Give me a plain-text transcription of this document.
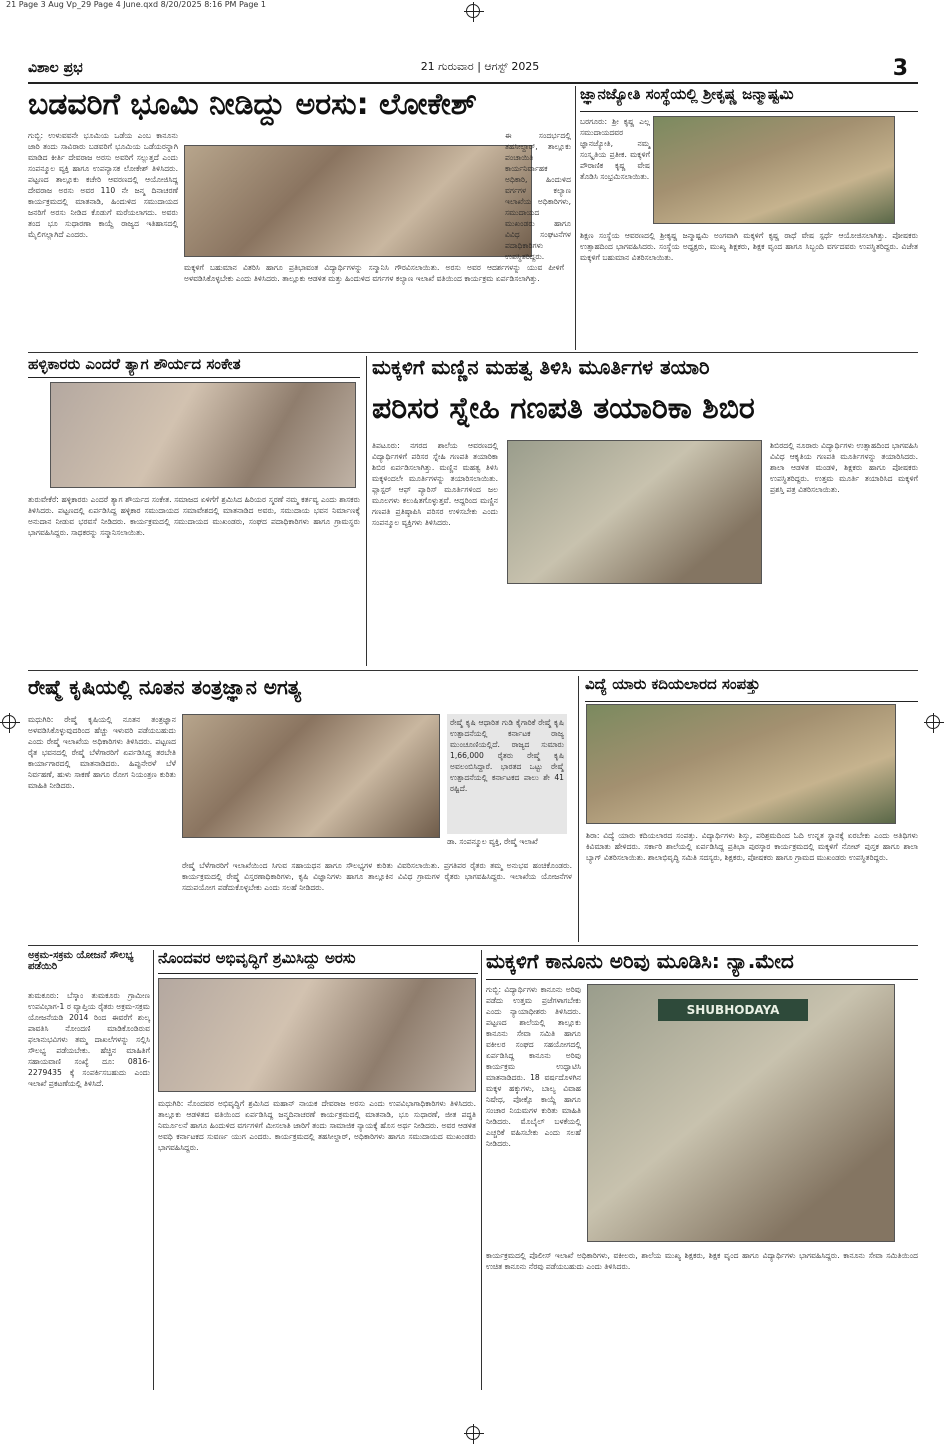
21 Page 3 Aug Vp_29 Page 4 June.qxd 8/20/2025 8:16 PM Page 1
ವಿಶಾಲ ಪ್ರಭ	21 ಗುರುವಾರ | ಆಗಸ್ಟ್ 2025	3
ಬಡವರಿಗೆ ಭೂಮಿ ನೀಡಿದ್ದು ಅರಸು: ಲೋಕೇಶ್
ಗುಬ್ಬಿ: ಉಳುವವನೇ ಭೂಮಿಯ ಒಡೆಯ ಎಂಬ ಕಾನೂನು ಜಾರಿ ತಂದು ಸಾವಿರಾರು ಬಡವರಿಗೆ ಭೂಮಿಯ ಒಡೆಯರನ್ನಾಗಿ ಮಾಡಿದ ಕೀರ್ತಿ ದೇವರಾಜ ಅರಸು ಅವರಿಗೆ ಸಲ್ಲುತ್ತದೆ ಎಂದು ಸಂಪನ್ಮೂಲ ವ್ಯಕ್ತಿ ಹಾಗೂ ಉಪನ್ಯಾಸಕ ಲೋಕೇಶ್ ತಿಳಿಸಿದರು. ಪಟ್ಟಣದ ತಾಲ್ಲೂಕು ಕಚೇರಿ ಆವರಣದಲ್ಲಿ ಆಯೋಜಿಸಿದ್ದ ದೇವರಾಜ ಅರಸು ಅವರ 110 ನೇ ಜನ್ಮ ದಿನಾಚರಣೆ ಕಾರ್ಯಕ್ರಮದಲ್ಲಿ ಮಾತನಾಡಿ, ಹಿಂದುಳಿದ ಸಮುದಾಯದ ಜನರಿಗೆ ಅರಸು ನೀಡಿದ ಕೊಡುಗೆ ಮರೆಯಲಾಗದು. ಅವರು ತಂದ ಭೂ ಸುಧಾರಣಾ ಕಾಯ್ದೆ ರಾಜ್ಯದ ಇತಿಹಾಸದಲ್ಲಿ ಮೈಲಿಗಲ್ಲಾಗಿದೆ ಎಂದರು.
ಮಕ್ಕಳಿಗೆ ಬಹುಮಾನ ವಿತರಿಸಿ ಹಾಗೂ ಪ್ರತಿಭಾವಂತ ವಿದ್ಯಾರ್ಥಿಗಳನ್ನು ಸನ್ಮಾನಿಸಿ ಗೌರವಿಸಲಾಯಿತು. ಅರಸು ಅವರ ಆದರ್ಶಗಳನ್ನು ಯುವ ಪೀಳಿಗೆ ಅಳವಡಿಸಿಕೊಳ್ಳಬೇಕು ಎಂದು ತಿಳಿಸಿದರು. ತಾಲ್ಲೂಕು ಆಡಳಿತ ಮತ್ತು ಹಿಂದುಳಿದ ವರ್ಗಗಳ ಕಲ್ಯಾಣ ಇಲಾಖೆ ವತಿಯಿಂದ ಕಾರ್ಯಕ್ರಮ ಏರ್ಪಡಿಸಲಾಗಿತ್ತು.
ಈ ಸಂದರ್ಭದಲ್ಲಿ ತಹಸೀಲ್ದಾರ್, ತಾಲ್ಲೂಕು ಪಂಚಾಯಿತಿ ಕಾರ್ಯನಿರ್ವಾಹಕ ಅಧಿಕಾರಿ, ಹಿಂದುಳಿದ ವರ್ಗಗಳ ಕಲ್ಯಾಣ ಇಲಾಖೆಯ ಅಧಿಕಾರಿಗಳು, ಸಮುದಾಯದ ಮುಖಂಡರು ಹಾಗೂ ವಿವಿಧ ಸಂಘಟನೆಗಳ ಪದಾಧಿಕಾರಿಗಳು ಉಪಸ್ಥಿತರಿದ್ದರು.
ಜ್ಞಾನಜ್ಯೋತಿ ಸಂಸ್ಥೆಯಲ್ಲಿ ಶ್ರೀಕೃಷ್ಣ ಜನ್ಮಾಷ್ಟಮಿ
ಬರಗೂರು: ಶ್ರೀ ಕೃಷ್ಣ ಎಲ್ಲ ಸಮುದಾಯದವರ ಜ್ಞಾನಜ್ಯೋತಿ, ನಮ್ಮ ಸಂಸ್ಕೃತಿಯ ಪ್ರತೀಕ. ಮಕ್ಕಳಿಗೆ ಪೌರಾಣಿಕ ಕೃಷ್ಣ ವೇಷ ತೊಡಿಸಿ ಸಂಭ್ರಮಿಸಲಾಯಿತು.
ಶಿಕ್ಷಣ ಸಂಸ್ಥೆಯ ಆವರಣದಲ್ಲಿ ಶ್ರೀಕೃಷ್ಣ ಜನ್ಮಾಷ್ಟಮಿ ಅಂಗವಾಗಿ ಮಕ್ಕಳಿಗೆ ಕೃಷ್ಣ ರಾಧೆ ವೇಷ ಸ್ಪರ್ಧೆ ಆಯೋಜಿಸಲಾಗಿತ್ತು. ಪೋಷಕರು ಉತ್ಸಾಹದಿಂದ ಭಾಗವಹಿಸಿದರು. ಸಂಸ್ಥೆಯ ಅಧ್ಯಕ್ಷರು, ಮುಖ್ಯ ಶಿಕ್ಷಕರು, ಶಿಕ್ಷಕ ವೃಂದ ಹಾಗೂ ಸಿಬ್ಬಂದಿ ವರ್ಗದವರು ಉಪಸ್ಥಿತರಿದ್ದರು. ವಿಜೇತ ಮಕ್ಕಳಿಗೆ ಬಹುಮಾನ ವಿತರಿಸಲಾಯಿತು.
ಹಳ್ಳಿಕಾರರು ಎಂದರೆ ತ್ಯಾಗ ಶೌರ್ಯದ ಸಂಕೇತ
ತುರುವೇಕೆರೆ: ಹಳ್ಳಿಕಾರರು ಎಂದರೆ ತ್ಯಾಗ ಶೌರ್ಯದ ಸಂಕೇತ. ಸಮಾಜದ ಏಳಿಗೆಗೆ ಶ್ರಮಿಸಿದ ಹಿರಿಯರ ಸ್ಮರಣೆ ನಮ್ಮ ಕರ್ತವ್ಯ ಎಂದು ಶಾಸಕರು ತಿಳಿಸಿದರು. ಪಟ್ಟಣದಲ್ಲಿ ಏರ್ಪಡಿಸಿದ್ದ ಹಳ್ಳಿಕಾರ ಸಮುದಾಯದ ಸಮಾವೇಶದಲ್ಲಿ ಮಾತನಾಡಿದ ಅವರು, ಸಮುದಾಯ ಭವನ ನಿರ್ಮಾಣಕ್ಕೆ ಅನುದಾನ ನೀಡುವ ಭರವಸೆ ನೀಡಿದರು. ಕಾರ್ಯಕ್ರಮದಲ್ಲಿ ಸಮುದಾಯದ ಮುಖಂಡರು, ಸಂಘದ ಪದಾಧಿಕಾರಿಗಳು ಹಾಗೂ ಗ್ರಾಮಸ್ಥರು ಭಾಗವಹಿಸಿದ್ದರು. ಸಾಧಕರನ್ನು ಸನ್ಮಾನಿಸಲಾಯಿತು.
ಮಕ್ಕಳಿಗೆ ಮಣ್ಣಿನ ಮಹತ್ವ ತಿಳಿಸಿ ಮೂರ್ತಿಗಳ ತಯಾರಿ
ಪರಿಸರ ಸ್ನೇಹಿ ಗಣಪತಿ ತಯಾರಿಕಾ ಶಿಬಿರ
ತಿಪಟೂರು: ನಗರದ ಶಾಲೆಯ ಆವರಣದಲ್ಲಿ ವಿದ್ಯಾರ್ಥಿಗಳಿಗೆ ಪರಿಸರ ಸ್ನೇಹಿ ಗಣಪತಿ ತಯಾರಿಕಾ ಶಿಬಿರ ಏರ್ಪಡಿಸಲಾಗಿತ್ತು. ಮಣ್ಣಿನ ಮಹತ್ವ ತಿಳಿಸಿ ಮಕ್ಕಳಿಂದಲೇ ಮೂರ್ತಿಗಳನ್ನು ತಯಾರಿಸಲಾಯಿತು. ಪ್ಲಾಸ್ಟರ್ ಆಫ್ ಪ್ಯಾರಿಸ್ ಮೂರ್ತಿಗಳಿಂದ ಜಲ ಮೂಲಗಳು ಕಲುಷಿತಗೊಳ್ಳುತ್ತವೆ. ಆದ್ದರಿಂದ ಮಣ್ಣಿನ ಗಣಪತಿ ಪ್ರತಿಷ್ಠಾಪಿಸಿ ಪರಿಸರ ಉಳಿಸಬೇಕು ಎಂದು ಸಂಪನ್ಮೂಲ ವ್ಯಕ್ತಿಗಳು ತಿಳಿಸಿದರು.
ಶಿಬಿರದಲ್ಲಿ ನೂರಾರು ವಿದ್ಯಾರ್ಥಿಗಳು ಉತ್ಸಾಹದಿಂದ ಭಾಗವಹಿಸಿ ವಿವಿಧ ಆಕೃತಿಯ ಗಣಪತಿ ಮೂರ್ತಿಗಳನ್ನು ತಯಾರಿಸಿದರು. ಶಾಲಾ ಆಡಳಿತ ಮಂಡಳಿ, ಶಿಕ್ಷಕರು ಹಾಗೂ ಪೋಷಕರು ಉಪಸ್ಥಿತರಿದ್ದರು. ಉತ್ತಮ ಮೂರ್ತಿ ತಯಾರಿಸಿದ ಮಕ್ಕಳಿಗೆ ಪ್ರಶಸ್ತಿ ಪತ್ರ ವಿತರಿಸಲಾಯಿತು.
ರೇಷ್ಮೆ ಕೃಷಿಯಲ್ಲಿ ನೂತನ ತಂತ್ರಜ್ಞಾನ ಅಗತ್ಯ
ಮಧುಗಿರಿ: ರೇಷ್ಮೆ ಕೃಷಿಯಲ್ಲಿ ನೂತನ ತಂತ್ರಜ್ಞಾನ ಅಳವಡಿಸಿಕೊಳ್ಳುವುದರಿಂದ ಹೆಚ್ಚು ಇಳುವರಿ ಪಡೆಯಬಹುದು ಎಂದು ರೇಷ್ಮೆ ಇಲಾಖೆಯ ಅಧಿಕಾರಿಗಳು ತಿಳಿಸಿದರು. ಪಟ್ಟಣದ ರೈತ ಭವನದಲ್ಲಿ ರೇಷ್ಮೆ ಬೆಳೆಗಾರರಿಗೆ ಏರ್ಪಡಿಸಿದ್ದ ತರಬೇತಿ ಕಾರ್ಯಾಗಾರದಲ್ಲಿ ಮಾತನಾಡಿದರು. ಹಿಪ್ಪುನೇರಳೆ ಬೆಳೆ ನಿರ್ವಹಣೆ, ಹುಳು ಸಾಕಣೆ ಹಾಗೂ ರೋಗ ನಿಯಂತ್ರಣ ಕುರಿತು ಮಾಹಿತಿ ನೀಡಿದರು.
ರೇಷ್ಮೆ ಕೃಷಿ ಆಧಾರಿತ ಗುಡಿ ಕೈಗಾರಿಕೆ ರೇಷ್ಮೆ ಕೃಷಿ ಉತ್ಪಾದನೆಯಲ್ಲಿ ಕರ್ನಾಟಕ ರಾಜ್ಯ ಮುಂಚೂಣಿಯಲ್ಲಿದೆ. ರಾಜ್ಯದ ಸುಮಾರು 1,66,000 ರೈತರು ರೇಷ್ಮೆ ಕೃಷಿ ಅವಲಂಬಿಸಿದ್ದಾರೆ. ಭಾರತದ ಒಟ್ಟು ರೇಷ್ಮೆ ಉತ್ಪಾದನೆಯಲ್ಲಿ ಕರ್ನಾಟಕದ ಪಾಲು ಶೇ 41 ರಷ್ಟಿದೆ.
ಡಾ. ಸಂಪನ್ಮೂಲ ವ್ಯಕ್ತಿ, ರೇಷ್ಮೆ ಇಲಾಖೆ
ರೇಷ್ಮೆ ಬೆಳೆಗಾರರಿಗೆ ಇಲಾಖೆಯಿಂದ ಸಿಗುವ ಸಹಾಯಧನ ಹಾಗೂ ಸೌಲಭ್ಯಗಳ ಕುರಿತು ವಿವರಿಸಲಾಯಿತು. ಪ್ರಗತಿಪರ ರೈತರು ತಮ್ಮ ಅನುಭವ ಹಂಚಿಕೊಂಡರು. ಕಾರ್ಯಕ್ರಮದಲ್ಲಿ ರೇಷ್ಮೆ ವಿಸ್ತರಣಾಧಿಕಾರಿಗಳು, ಕೃಷಿ ವಿಜ್ಞಾನಿಗಳು ಹಾಗೂ ತಾಲ್ಲೂಕಿನ ವಿವಿಧ ಗ್ರಾಮಗಳ ರೈತರು ಭಾಗವಹಿಸಿದ್ದರು. ಇಲಾಖೆಯ ಯೋಜನೆಗಳ ಸದುಪಯೋಗ ಪಡೆದುಕೊಳ್ಳಬೇಕು ಎಂದು ಸಲಹೆ ನೀಡಿದರು.
ವಿದ್ಯೆ ಯಾರು ಕದಿಯಲಾರದ ಸಂಪತ್ತು
ಶಿರಾ: ವಿದ್ಯೆ ಯಾರು ಕದಿಯಲಾರದ ಸಂಪತ್ತು. ವಿದ್ಯಾರ್ಥಿಗಳು ಶಿಸ್ತು, ಪರಿಶ್ರಮದಿಂದ ಓದಿ ಉನ್ನತ ಸ್ಥಾನಕ್ಕೆ ಏರಬೇಕು ಎಂದು ಅತಿಥಿಗಳು ಕಿವಿಮಾತು ಹೇಳಿದರು. ಸರ್ಕಾರಿ ಶಾಲೆಯಲ್ಲಿ ಏರ್ಪಡಿಸಿದ್ದ ಪ್ರತಿಭಾ ಪುರಸ್ಕಾರ ಕಾರ್ಯಕ್ರಮದಲ್ಲಿ ಮಕ್ಕಳಿಗೆ ನೋಟ್ ಪುಸ್ತಕ ಹಾಗೂ ಶಾಲಾ ಬ್ಯಾಗ್ ವಿತರಿಸಲಾಯಿತು. ಶಾಲಾಭಿವೃದ್ಧಿ ಸಮಿತಿ ಸದಸ್ಯರು, ಶಿಕ್ಷಕರು, ಪೋಷಕರು ಹಾಗೂ ಗ್ರಾಮದ ಮುಖಂಡರು ಉಪಸ್ಥಿತರಿದ್ದರು.
ಅಕ್ರಮ-ಸಕ್ರಮ ಯೋಜನೆ ಸೌಲಭ್ಯ ಪಡೆಯಿರಿ
ತುಮಕೂರು: ಬೆಸ್ಕಾಂ ತುಮಕೂರು ಗ್ರಾಮೀಣ ಉಪವಿಭಾಗ-1 ರ ವ್ಯಾಪ್ತಿಯ ರೈತರು ಅಕ್ರಮ-ಸಕ್ರಮ ಯೋಜನೆಯಡಿ 2014 ರಿಂದ ಈವರೆಗೆ ಶುಲ್ಕ ಪಾವತಿಸಿ ನೋಂದಣಿ ಮಾಡಿಕೊಂಡಿರುವ ಫಲಾನುಭವಿಗಳು ತಮ್ಮ ದಾಖಲೆಗಳನ್ನು ಸಲ್ಲಿಸಿ ಸೌಲಭ್ಯ ಪಡೆಯಬೇಕು. ಹೆಚ್ಚಿನ ಮಾಹಿತಿಗೆ ಸಹಾಯವಾಣಿ ಸಂಖ್ಯೆ ದೂ: 0816-2279435 ಕ್ಕೆ ಸಂಪರ್ಕಿಸಬಹುದು ಎಂದು ಇಲಾಖೆ ಪ್ರಕಟಣೆಯಲ್ಲಿ ತಿಳಿಸಿದೆ.
ನೊಂದವರ ಅಭಿವೃದ್ಧಿಗೆ ಶ್ರಮಿಸಿದ್ದು ಅರಸು
ಮಧುಗಿರಿ: ನೊಂದವರ ಅಭಿವೃದ್ಧಿಗೆ ಶ್ರಮಿಸಿದ ಮಹಾನ್ ನಾಯಕ ದೇವರಾಜ ಅರಸು ಎಂದು ಉಪವಿಭಾಗಾಧಿಕಾರಿಗಳು ತಿಳಿಸಿದರು. ತಾಲ್ಲೂಕು ಆಡಳಿತದ ವತಿಯಿಂದ ಏರ್ಪಡಿಸಿದ್ದ ಜನ್ಮದಿನಾಚರಣೆ ಕಾರ್ಯಕ್ರಮದಲ್ಲಿ ಮಾತನಾಡಿ, ಭೂ ಸುಧಾರಣೆ, ಜೀತ ಪದ್ಧತಿ ನಿರ್ಮೂಲನೆ ಹಾಗೂ ಹಿಂದುಳಿದ ವರ್ಗಗಳಿಗೆ ಮೀಸಲಾತಿ ಜಾರಿಗೆ ತಂದು ಸಾಮಾಜಿಕ ನ್ಯಾಯಕ್ಕೆ ಹೊಸ ಅರ್ಥ ನೀಡಿದರು. ಅವರ ಆಡಳಿತ ಅವಧಿ ಕರ್ನಾಟಕದ ಸುವರ್ಣ ಯುಗ ಎಂದರು. ಕಾರ್ಯಕ್ರಮದಲ್ಲಿ ತಹಸೀಲ್ದಾರ್, ಅಧಿಕಾರಿಗಳು ಹಾಗೂ ಸಮುದಾಯದ ಮುಖಂಡರು ಭಾಗವಹಿಸಿದ್ದರು.
ಮಕ್ಕಳಿಗೆ ಕಾನೂನು ಅರಿವು ಮೂಡಿಸಿ: ನ್ಯಾ.ಮೇದ
ಗುಬ್ಬಿ: ವಿದ್ಯಾರ್ಥಿಗಳು ಕಾನೂನು ಅರಿವು ಪಡೆದು ಉತ್ತಮ ಪ್ರಜೆಗಳಾಗಬೇಕು ಎಂದು ನ್ಯಾಯಾಧೀಶರು ತಿಳಿಸಿದರು. ಪಟ್ಟಣದ ಶಾಲೆಯಲ್ಲಿ ತಾಲ್ಲೂಕು ಕಾನೂನು ಸೇವಾ ಸಮಿತಿ ಹಾಗೂ ವಕೀಲರ ಸಂಘದ ಸಹಯೋಗದಲ್ಲಿ ಏರ್ಪಡಿಸಿದ್ದ ಕಾನೂನು ಅರಿವು ಕಾರ್ಯಕ್ರಮ ಉದ್ಘಾಟಿಸಿ ಮಾತನಾಡಿದರು. 18 ವರ್ಷದೊಳಗಿನ ಮಕ್ಕಳ ಹಕ್ಕುಗಳು, ಬಾಲ್ಯ ವಿವಾಹ ನಿಷೇಧ, ಪೋಕ್ಸೊ ಕಾಯ್ದೆ ಹಾಗೂ ಸಂಚಾರ ನಿಯಮಗಳ ಕುರಿತು ಮಾಹಿತಿ ನೀಡಿದರು. ಮೊಬೈಲ್ ಬಳಕೆಯಲ್ಲಿ ಎಚ್ಚರಿಕೆ ವಹಿಸಬೇಕು ಎಂದು ಸಲಹೆ ನೀಡಿದರು.
SHUBHODAYA
ಕಾರ್ಯಕ್ರಮದಲ್ಲಿ ಪೊಲೀಸ್ ಇಲಾಖೆ ಅಧಿಕಾರಿಗಳು, ವಕೀಲರು, ಶಾಲೆಯ ಮುಖ್ಯ ಶಿಕ್ಷಕರು, ಶಿಕ್ಷಕ ವೃಂದ ಹಾಗೂ ವಿದ್ಯಾರ್ಥಿಗಳು ಭಾಗವಹಿಸಿದ್ದರು. ಕಾನೂನು ಸೇವಾ ಸಮಿತಿಯಿಂದ ಉಚಿತ ಕಾನೂನು ನೆರವು ಪಡೆಯಬಹುದು ಎಂದು ತಿಳಿಸಿದರು.
